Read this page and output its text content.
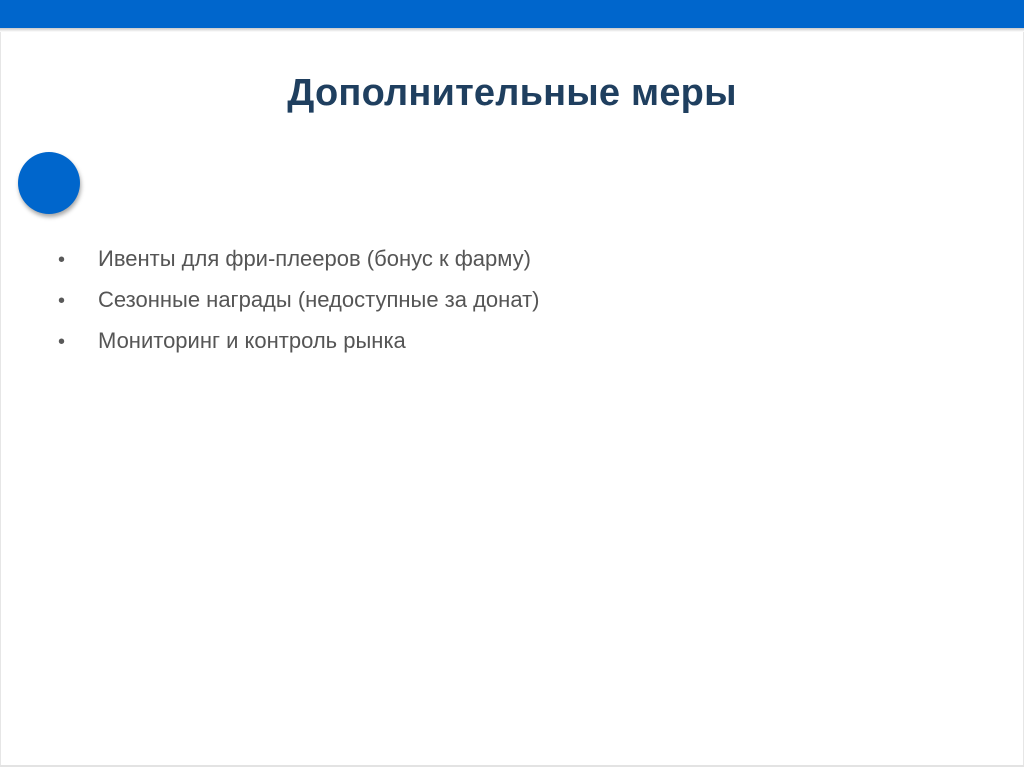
Дополнительные меры
•	Ивенты для фри-плееров (бонус к фарму)
•	Сезонные награды (недоступные за донат)
•	Мониторинг и контроль рынка
